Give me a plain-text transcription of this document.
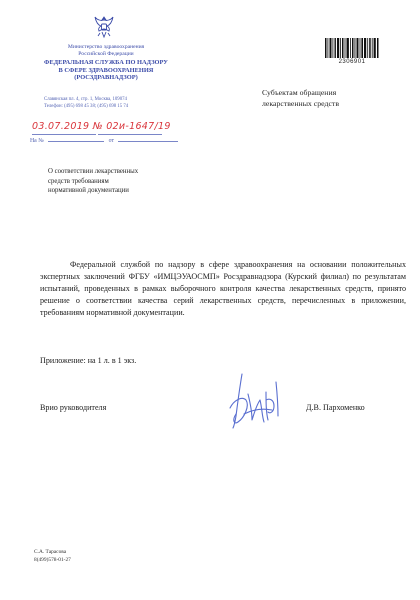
Министерство здравоохранения
Российской Федерации
ФЕДЕРАЛЬНАЯ СЛУЖБА ПО НАДЗОРУ
В СФЕРЕ ЗДРАВООХРАНЕНИЯ
(РОСЗДРАВНАДЗОР)
Славянская пл. 4, стр. 1, Москва, 109074
Телефон: (495) 698 45 38; (495) 698 15 74
2306901
Субъектам обращения
лекарственных средств
03.07.2019 № 02и-1647/19
На №	от
О соответствии лекарственных
средств требованиям
нормативной документации
Федеральной службой по надзору в сфере здравоохранения на основании положительных экспертных заключений ФГБУ «ИМЦЭУАОСМП» Росздравнадзора (Курский филиал) по результатам испытаний, проведенных в рамках выборочного контроля качества лекарственных средств, принято решение о соответствии качества серий лекарственных средств, перечисленных в приложении, требованиям нормативной документации.
Приложение: на 1 л. в 1 экз.
Врио руководителя	Д.В. Пархоменко
С.А. Тарасова
8(499)578-01-27
